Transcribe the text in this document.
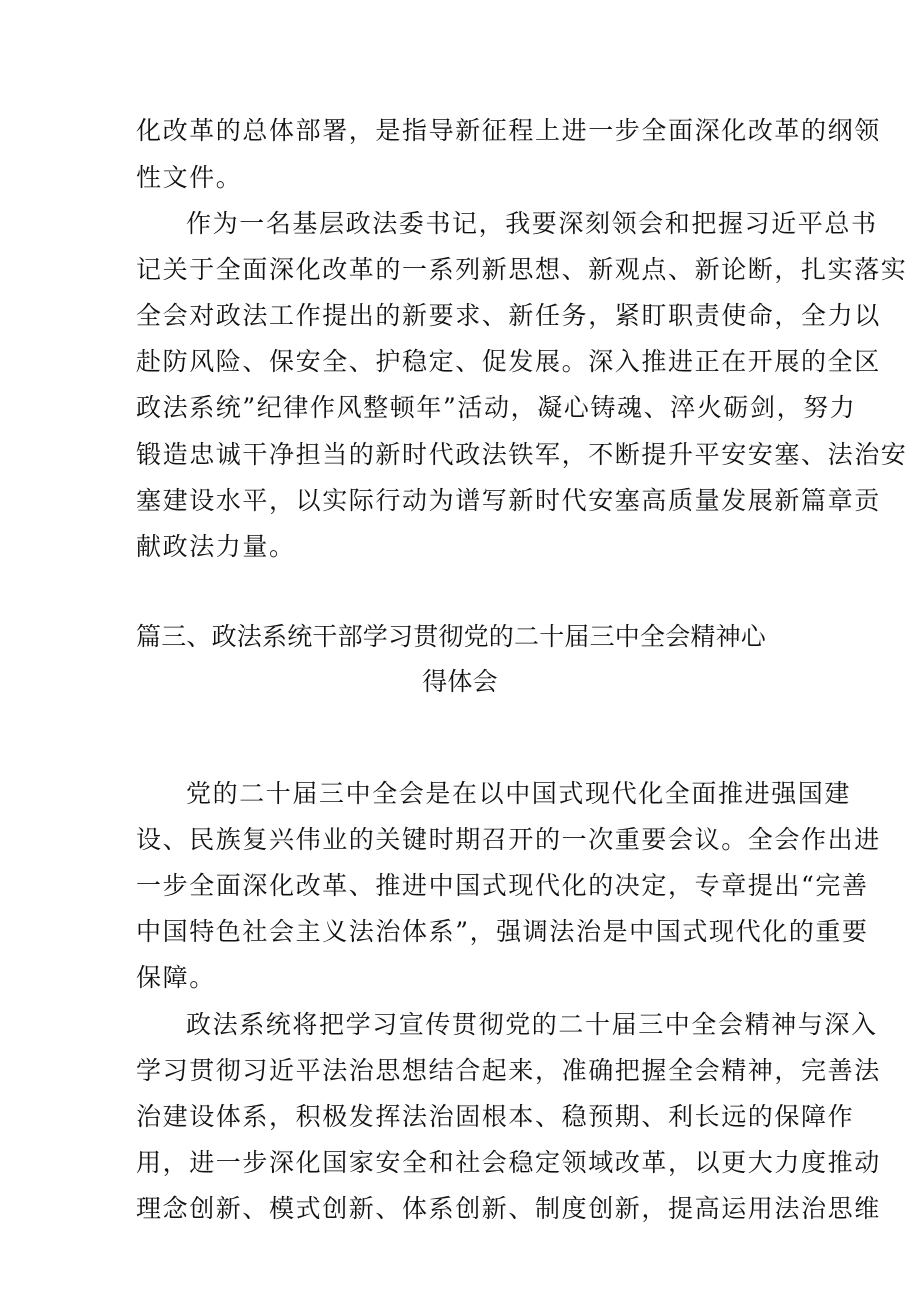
化改革的总体部署，是指导新征程上进一步全面深化改革的纲领
性文件。
作为一名基层政法委书记，我要深刻领会和把握习近平总书
记关于全面深化改革的一系列新思想、新观点、新论断，扎实落实
全会对政法工作提出的新要求、新任务，紧盯职责使命，全力以
赴防风险、保安全、护稳定、促发展。深入推进正在开展的全区
政法系统”纪律作风整顿年”活动，凝心铸魂、淬火砺剑，努力
锻造忠诚干净担当的新时代政法铁军，不断提升平安安塞、法治安
塞建设水平，以实际行动为谱写新时代安塞高质量发展新篇章贡
献政法力量。
篇三、政法系统干部学习贯彻党的二十届三中全会精神心
得体会
党的二十届三中全会是在以中国式现代化全面推进强国建
设、民族复兴伟业的关键时期召开的一次重要会议。全会作出进
一步全面深化改革、推进中国式现代化的决定，专章提出“完善
中国特色社会主义法治体系”，强调法治是中国式现代化的重要
保障。
政法系统将把学习宣传贯彻党的二十届三中全会精神与深入
学习贯彻习近平法治思想结合起来，准确把握全会精神，完善法
治建设体系，积极发挥法治固根本、稳预期、利长远的保障作
用，进一步深化国家安全和社会稳定领域改革，以更大力度推动
理念创新、模式创新、体系创新、制度创新，提高运用法治思维
